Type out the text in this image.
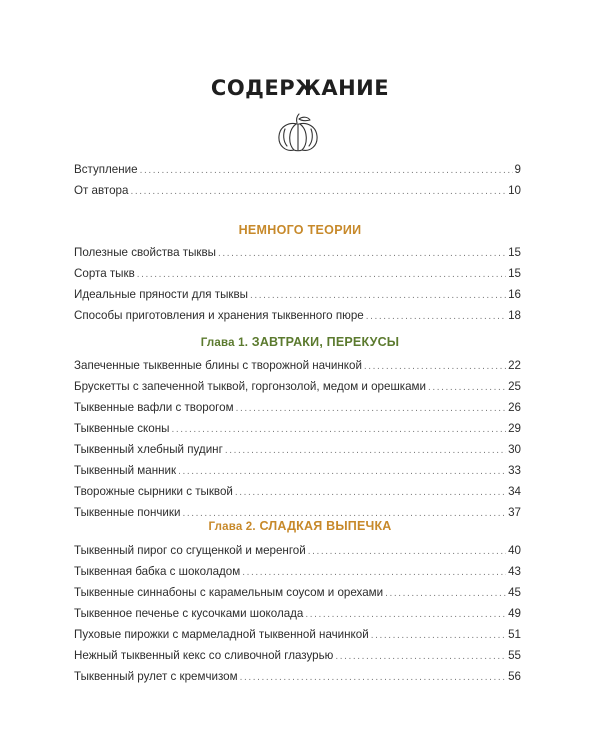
СОДЕРЖАНИЕ
Вступление .....	9
От автора .....	10
НЕМНОГО ТЕОРИИ
Полезные свойства тыквы .....	15
Сорта тыкв .....	15
Идеальные пряности для тыквы .....	16
Способы приготовления и хранения тыквенного пюре .....	18
Глава 1. ЗАВТРАКИ, ПЕРЕКУСЫ
Запеченные тыквенные блины с творожной начинкой .....	22
Брускетты с запеченной тыквой, горгонзолой, медом и орешками .....	25
Тыквенные вафли с творогом .....	26
Тыквенные сконы .....	29
Тыквенный хлебный пудинг .....	30
Тыквенный манник .....	33
Творожные сырники с тыквой .....	34
Тыквенные пончики .....	37
Глава 2. СЛАДКАЯ ВЫПЕЧКА
Тыквенный пирог со сгущенкой и меренгой .....	40
Тыквенная бабка с шоколадом .....	43
Тыквенные синнабоны с карамельным соусом и орехами .....	45
Тыквенное печенье с кусочками шоколада .....	49
Пуховые пирожки с мармеладной тыквенной начинкой .....	51
Нежный тыквенный кекс со сливочной глазурью .....	55
Тыквенный рулет с кремчизом .....	56
